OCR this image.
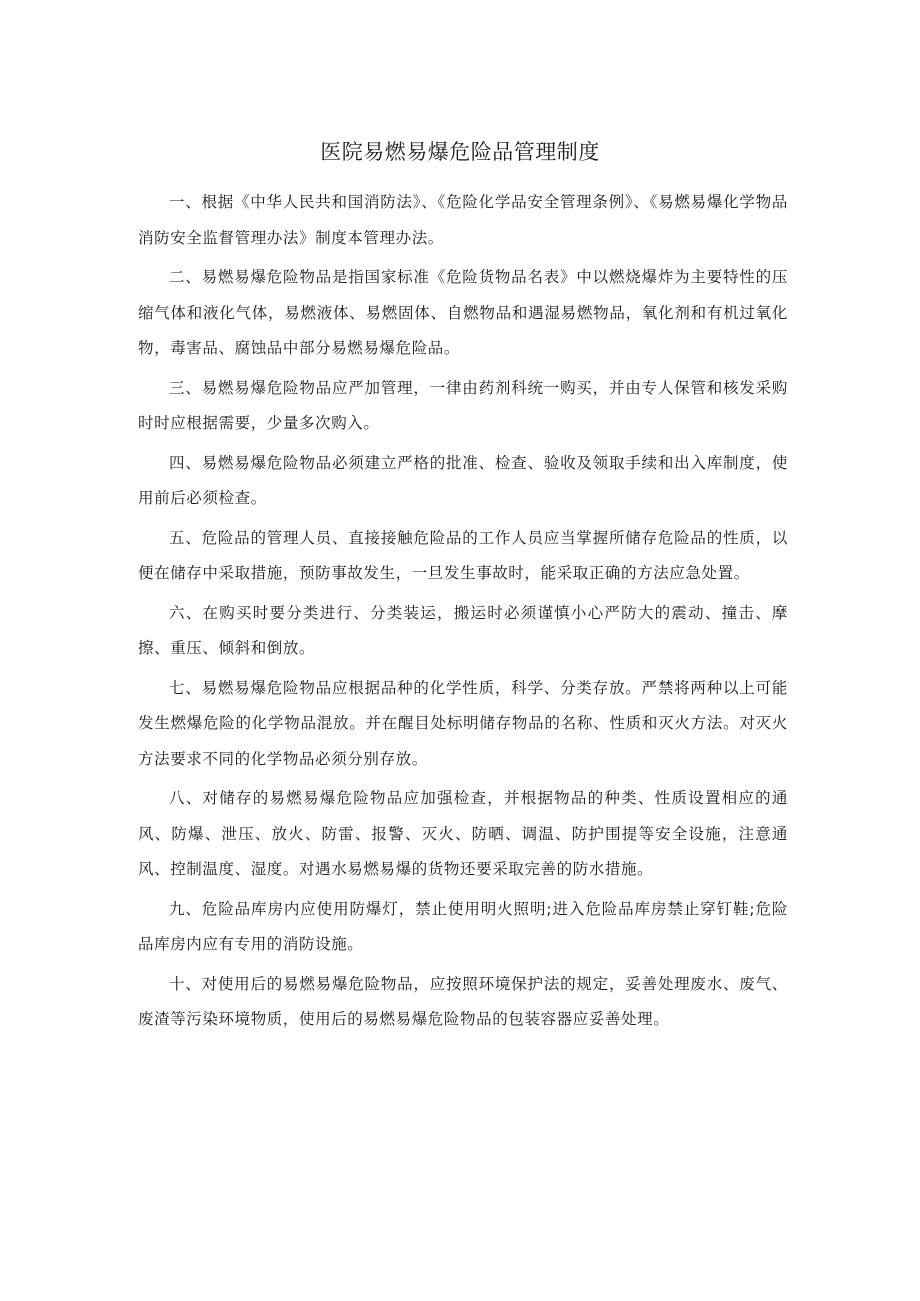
医院易燃易爆危险品管理制度

一、根据《中华人民共和国消防法》、《危险化学品安全管理条例》、《易燃易爆化学物品消防安全监督管理办法》制度本管理办法。

二、易燃易爆危险物品是指国家标准《危险货物品名表》中以燃烧爆炸为主要特性的压缩气体和液化气体，易燃液体、易燃固体、自燃物品和遇湿易燃物品，氧化剂和有机过氧化物，毒害品、腐蚀品中部分易燃易爆危险品。

三、易燃易爆危险物品应严加管理，一律由药剂科统一购买，并由专人保管和核发采购时时应根据需要，少量多次购入。

四、易燃易爆危险物品必须建立严格的批准、检查、验收及领取手续和出入库制度，使用前后必须检查。

五、危险品的管理人员、直接接触危险品的工作人员应当掌握所储存危险品的性质，以便在储存中采取措施，预防事故发生，一旦发生事故时，能采取正确的方法应急处置。

六、在购买时要分类进行、分类装运，搬运时必须谨慎小心严防大的震动、撞击、摩擦、重压、倾斜和倒放。

七、易燃易爆危险物品应根据品种的化学性质，科学、分类存放。严禁将两种以上可能发生燃爆危险的化学物品混放。并在醒目处标明储存物品的名称、性质和灭火方法。对灭火方法要求不同的化学物品必须分别存放。

八、对储存的易燃易爆危险物品应加强检查，并根据物品的种类、性质设置相应的通风、防爆、泄压、放火、防雷、报警、灭火、防晒、调温、防护围提等安全设施，注意通风、控制温度、湿度。对遇水易燃易爆的货物还要采取完善的防水措施。

九、危险品库房内应使用防爆灯，禁止使用明火照明;进入危险品库房禁止穿钉鞋;危险品库房内应有专用的消防设施。

十、对使用后的易燃易爆危险物品，应按照环境保护法的规定，妥善处理废水、废气、废渣等污染环境物质，使用后的易燃易爆危险物品的包装容器应妥善处理。
